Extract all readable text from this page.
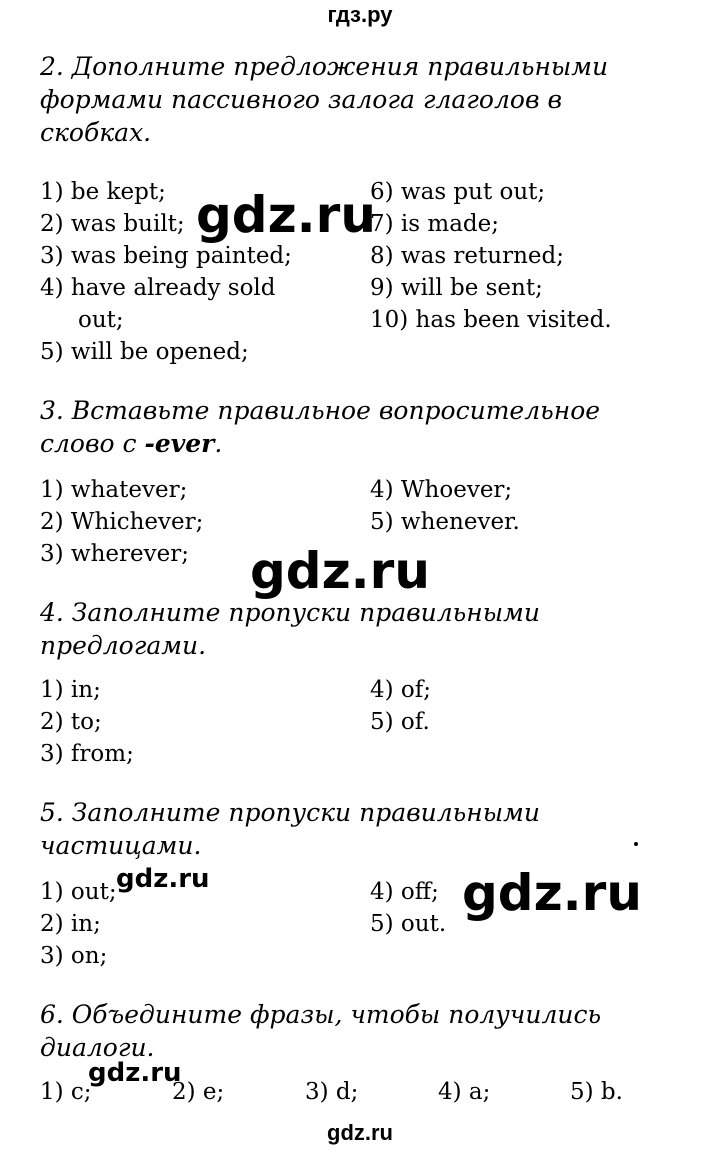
гдз.ру

2. Дополните предложения правильными формами пассивного залога глаголов в скобках.

1) be kept;
2) was built;
3) was being painted;
4) have already sold
out;
5) will be opened;
6) was put out;
7) is made;
8) was returned;
9) will be sent;
10) has been visited.

3. Вставьте правильное вопросительное слово с -ever.

1) whatever;
2) Whichever;
3) wherever;
4) Whoever;
5) whenever.

4. Заполните пропуски правильными предлогами.

1) in;
2) to;
3) from;
4) of;
5) of.

5. Заполните пропуски правильными частицами.

1) out;
2) in;
3) on;
4) off;
5) out.

6. Объедините фразы, чтобы получились диалоги.

1) c;	2) e;	3) d;	4) a;	5) b.
gdz.ru
gdz.ru
gdz.ru
gdz.ru
gdz.ru
gdz.ru
